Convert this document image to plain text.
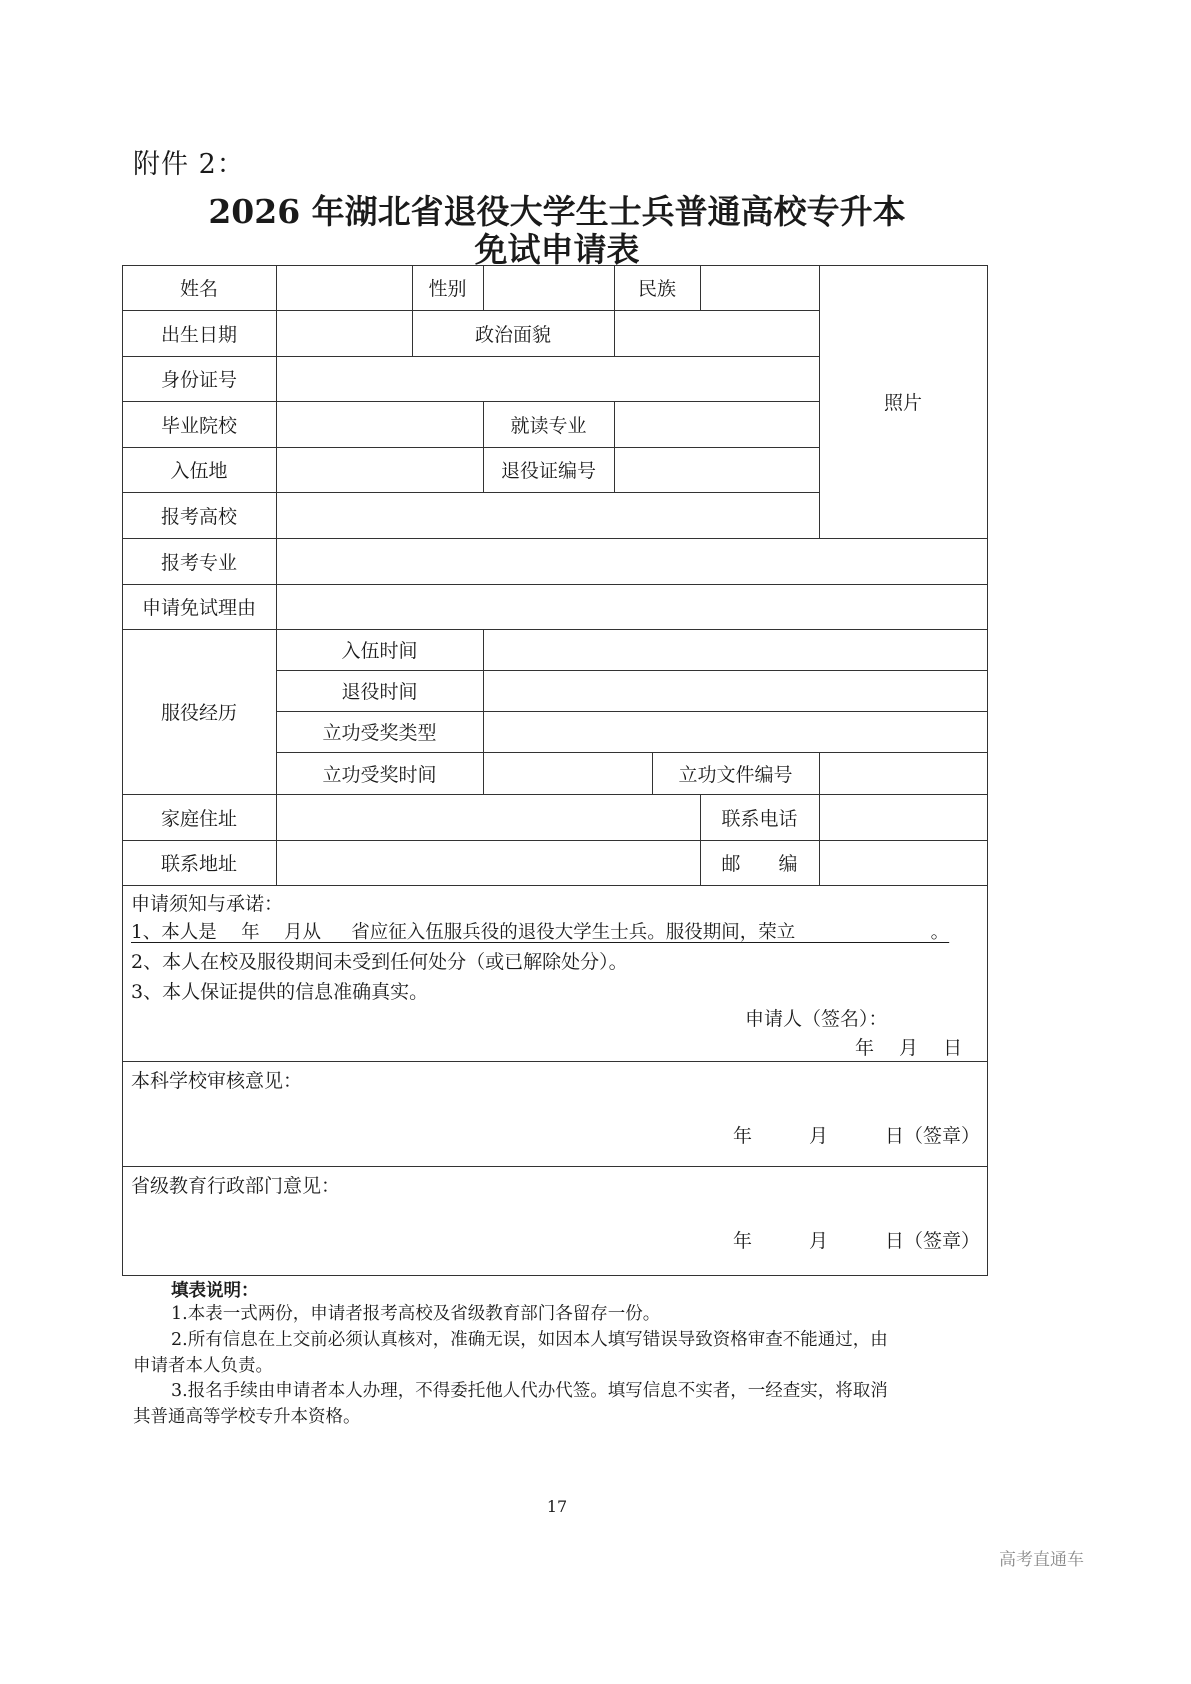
附件 2：
2026 年湖北省退役大学生士兵普通高校专升本
免试申请表
姓名	性别	民族
照片
出生日期	政治面貌
身份证号
毕业院校	就读专业
入伍地	退役证编号
报考高校
报考专业
申请免试理由
服役经历
入伍时间
退役时间
立功受奖类型
立功受奖时间	立功文件编号
家庭住址	联系电话
联系地址	邮　　编
申请须知与承诺：
1、本人是　 年 　月从 　 省应征入伍服兵役的退役大学生士兵。服役期间，荣立　　　　　　　 。
2、本人在校及服役期间未受到任何处分（或已解除处分）。
3、本人保证提供的信息准确真实。
申请人（签名）：
年　 月　 日
本科学校审核意见：
年　　　月　　　日（签章）
省级教育行政部门意见：
年　　　月　　　日（签章）
填表说明：
1.本表一式两份，申请者报考高校及省级教育部门各留存一份。
2.所有信息在上交前必须认真核对，准确无误，如因本人填写错误导致资格审查不能通过，由
申请者本人负责。
3.报名手续由申请者本人办理，不得委托他人代办代签。填写信息不实者，一经查实，将取消
其普通高等学校专升本资格。
17
高考直通车
